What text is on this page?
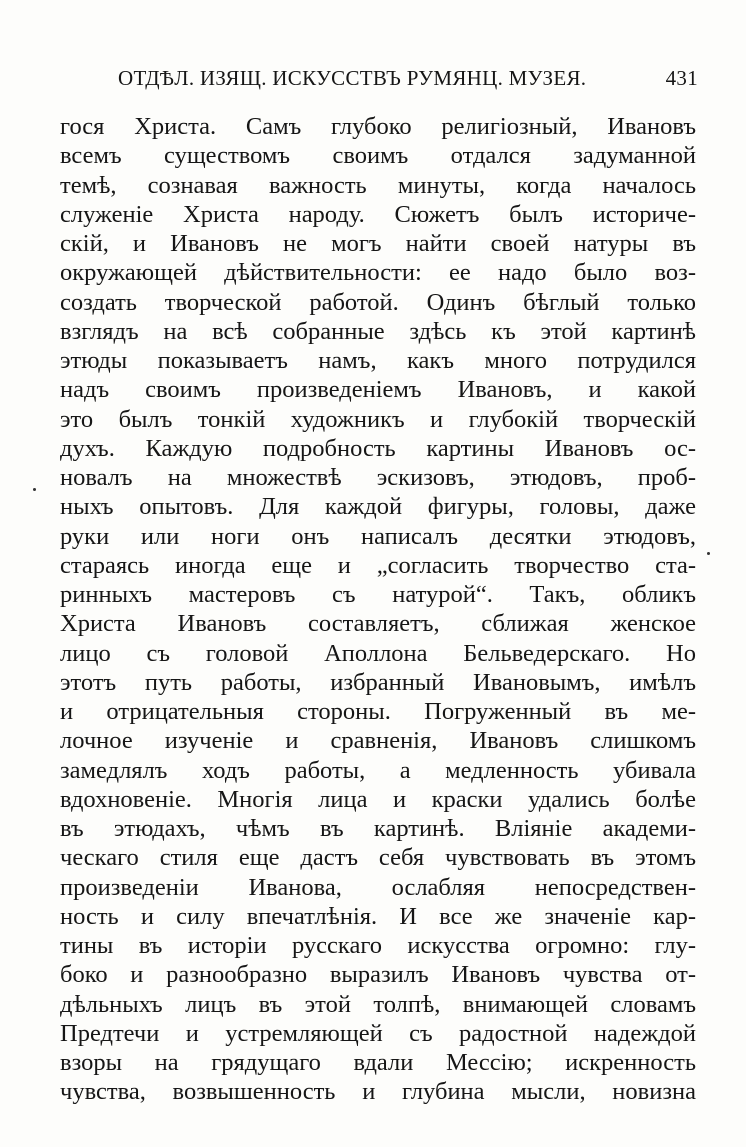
ОТДѢЛ. ИЗЯЩ. ИСКУССТВЪ РУМЯНЦ. МУЗЕЯ.	431
гося Христа. Самъ глубоко религiозный, Ивановъ
всемъ существомъ своимъ отдался задуманной
темѣ, сознавая важность минуты, когда началось
служенiе Христа народу. Сюжетъ былъ историче-
скiй, и Ивановъ не могъ найти своей натуры въ
окружающей дѣйствительности: ее надо было воз-
создать творческой работой. Одинъ бѣглый только
взглядъ на всѣ собранные здѣсь къ этой картинѣ
этюды показываетъ намъ, какъ много потрудился
надъ своимъ произведенiемъ Ивановъ, и какой
это былъ тонкiй художникъ и глубокiй творческiй
духъ. Каждую подробность картины Ивановъ ос-
новалъ на множествѣ эскизовъ, этюдовъ, проб-
ныхъ опытовъ. Для каждой фигуры, головы, даже
руки или ноги онъ написалъ десятки этюдовъ,
стараясь иногда еще и „согласить творчество ста-
ринныхъ мастеровъ съ натурой“. Такъ, обликъ
Христа Ивановъ составляетъ, сближая женское
лицо съ головой Аполлона Бельведерскаго. Но
этотъ путь работы, избранный Ивановымъ, имѣлъ
и отрицательныя стороны. Погруженный въ ме-
лочное изученiе и сравненiя, Ивановъ слишкомъ
замедлялъ ходъ работы, а медленность убивала
вдохновенiе. Многiя лица и краски удались болѣе
въ этюдахъ, чѣмъ въ картинѣ. Влiянiе академи-
ческаго стиля еще дастъ себя чувствовать въ этомъ
произведенiи Иванова, ослабляя непосредствен-
ность и силу впечатлѣнiя. И все же значенiе кар-
тины въ исторiи русскаго искусства огромно: глу-
боко и разнообразно выразилъ Ивановъ чувства от-
дѣльныхъ лицъ въ этой толпѣ, внимающей словамъ
Предтечи и устремляющей съ радостной надеждой
взоры на грядущаго вдали Мессiю; искренность
чувства, возвышенность и глубина мысли, новизна
